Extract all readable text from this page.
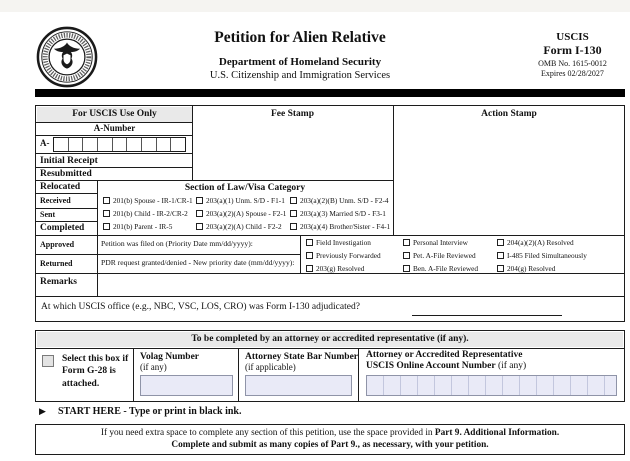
Petition for Alien Relative
Department of Homeland Security
U.S. Citizenship and Immigration Services
USCIS
Form I-130
OMB No. 1615-0012
Expires 02/28/2027
For USCIS Use Only
A-Number
A-
Initial Receipt
Resubmitted
Relocated
Received
Sent
Completed
Approved
Returned
Remarks
Fee Stamp	Action Stamp
Section of Law/Visa Category
201(b) Spouse - IR-1/CR-1	203(a)(1) Unm. S/D - F1-1	203(a)(2)(B) Unm. S/D - F2-4
201(b) Child - IR-2/CR-2	203(a)(2)(A) Spouse - F2-1	203(a)(3) Married S/D - F3-1
201(b) Parent - IR-5	203(a)(2)(A) Child - F2-2	203(a)(4) Brother/Sister - F4-1
Petition was filed on (Priority Date mm/dd/yyyy):
PDR request granted/denied - New priority date (mm/dd/yyyy):
Field Investigation	Personal Interview	204(a)(2)(A) Resolved
Previously Forwarded	Pet. A-File Reviewed	I-485 Filed Simultaneously
203(g) Resolved	Ben. A-File Reviewed	204(g) Resolved
At which USCIS office (e.g., NBC, VSC, LOS, CRO) was Form I-130 adjudicated?
To be completed by an attorney or accredited representative (if any).
Select this box if Form G-28 is attached.
Volag Number
(if any)
Attorney State Bar Number
(if applicable)
Attorney or Accredited Representative
USCIS Online Account Number (if any)
▶ START HERE - Type or print in black ink.
If you need extra space to complete any section of this petition, use the space provided in Part 9. Additional Information.
Complete and submit as many copies of Part 9., as necessary, with your petition.
